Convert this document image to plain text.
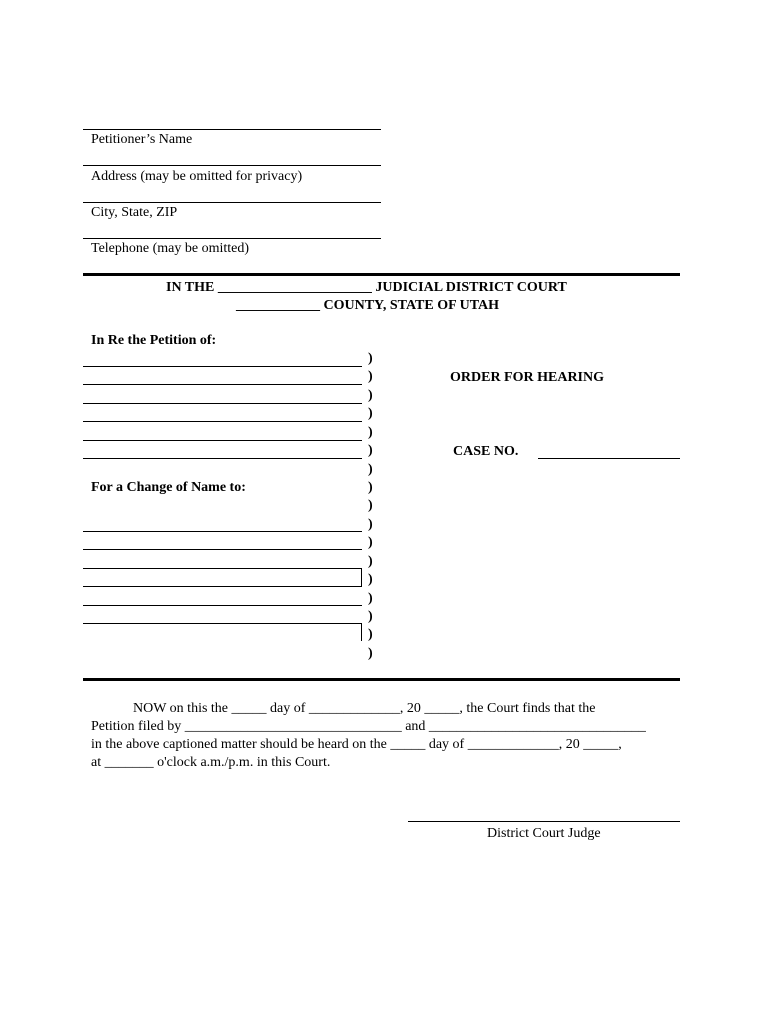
Petitioner’s Name
Address (may be omitted for privacy)
City, State, ZIP
Telephone (may be omitted)
IN THE ______________________ JUDICIAL DISTRICT COURT
____________ COUNTY, STATE OF UTAH
In Re the Petition of:
For a Change of Name to:
)
)
)
)
)
)
)
)
)
)
)
)
)
)
)
)
)
ORDER FOR HEARING
CASE NO.
NOW on this the _____ day of _____________, 20 _____, the Court finds that the
Petition filed by _______________________________ and _______________________________
in the above captioned matter should be heard on the _____ day of _____________, 20 _____,
at _______ o'clock a.m./p.m. in this Court.
District Court Judge
